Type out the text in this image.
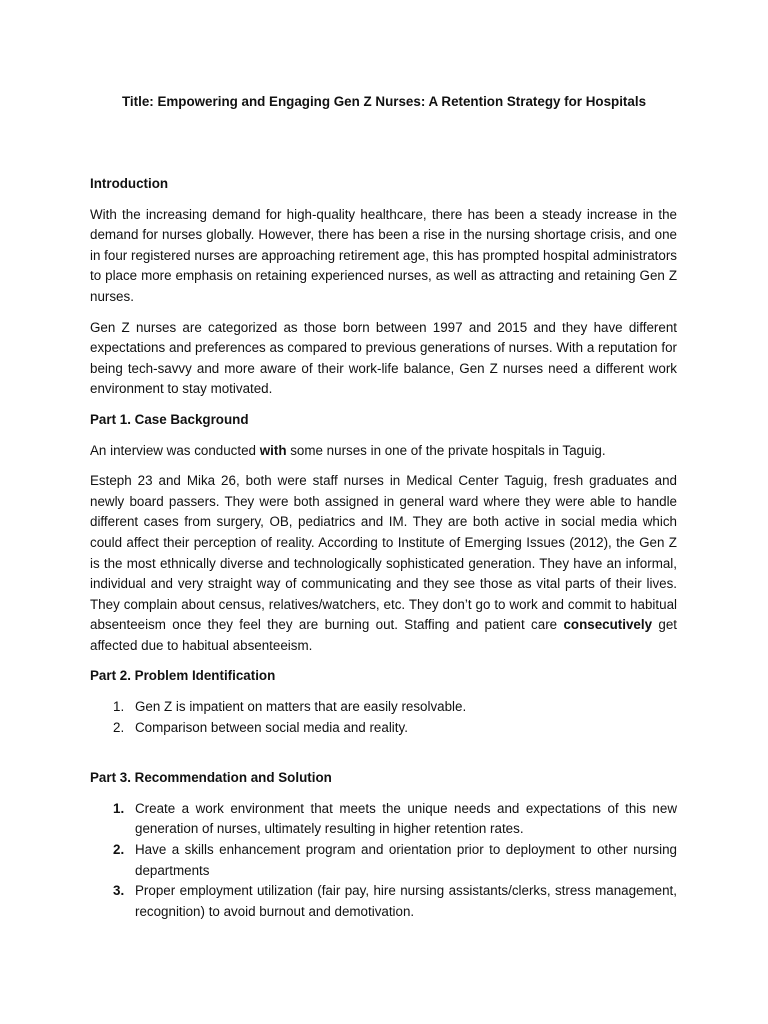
Title: Empowering and Engaging Gen Z Nurses: A Retention Strategy for Hospitals
Introduction

With the increasing demand for high-quality healthcare, there has been a steady increase in the demand for nurses globally. However, there has been a rise in the nursing shortage crisis, and one in four registered nurses are approaching retirement age, this has prompted hospital administrators to place more emphasis on retaining experienced nurses, as well as attracting and retaining Gen Z nurses.

Gen Z nurses are categorized as those born between 1997 and 2015 and they have different expectations and preferences as compared to previous generations of nurses. With a reputation for being tech-savvy and more aware of their work-life balance, Gen Z nurses need a different work environment to stay motivated.

Part 1. Case Background

An interview was conducted with some nurses in one of the private hospitals in Taguig.

Esteph 23 and Mika 26, both were staff nurses in Medical Center Taguig, fresh graduates and newly board passers. They were both assigned in general ward where they were able to handle different cases from surgery, OB, pediatrics and IM. They are both active in social media which could affect their perception of reality. According to Institute of Emerging Issues (2012), the Gen Z is the most ethnically diverse and technologically sophisticated generation. They have an informal, individual and very straight way of communicating and they see those as vital parts of their lives. They complain about census, relatives/watchers, etc. They don’t go to work and commit to habitual absenteeism once they feel they are burning out. Staffing and patient care consecutively get affected due to habitual absenteeism.

Part 2. Problem Identification
1. Gen Z is impatient on matters that are easily resolvable.
2. Comparison between social media and reality.
Part 3. Recommendation and Solution
1. Create a work environment that meets the unique needs and expectations of this new generation of nurses, ultimately resulting in higher retention rates.
2. Have a skills enhancement program and orientation prior to deployment to other nursing departments
3. Proper employment utilization (fair pay, hire nursing assistants/clerks, stress management, recognition) to avoid burnout and demotivation.
